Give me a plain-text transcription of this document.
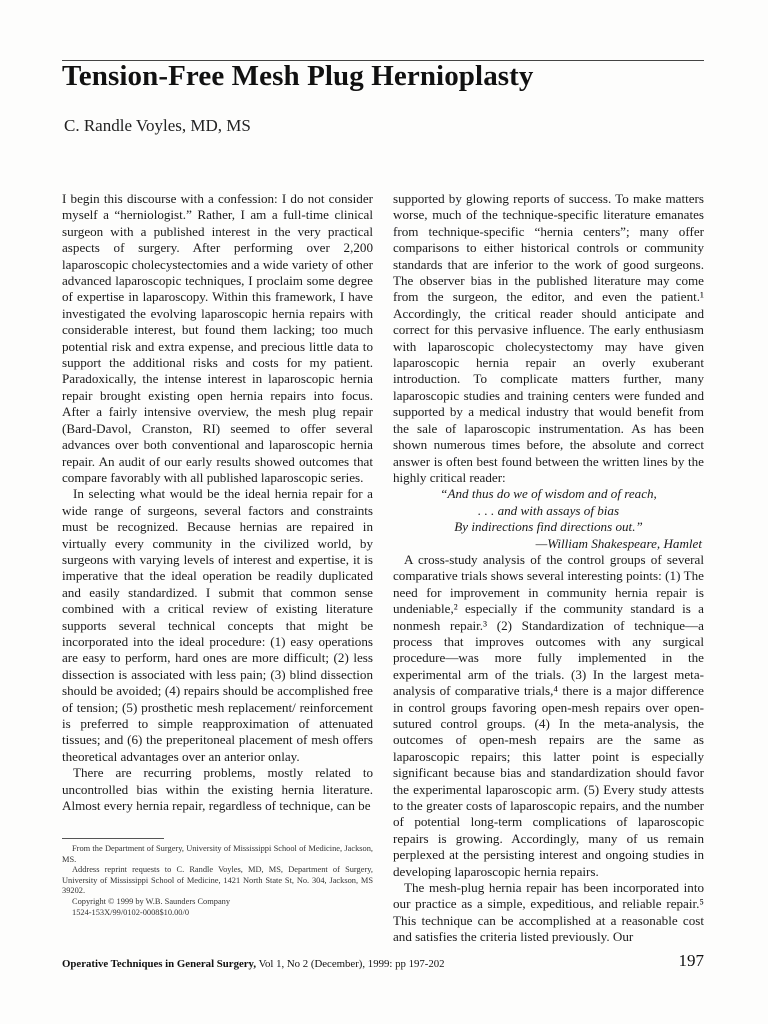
Tension-Free Mesh Plug Hernioplasty

C. Randle Voyles, MD, MS

I begin this discourse with a confession: I do not consider myself a “herniologist.” Rather, I am a full-time clinical surgeon with a published interest in the very practical aspects of surgery. After performing over 2,200 laparoscopic cholecystectomies and a wide variety of other advanced laparoscopic techniques, I proclaim some degree of expertise in laparoscopy. Within this framework, I have investigated the evolving laparoscopic hernia repairs with considerable interest, but found them lacking; too much potential risk and extra expense, and precious little data to support the additional risks and costs for my patient. Paradoxically, the intense interest in laparoscopic hernia repair brought existing open hernia repairs into focus. After a fairly intensive overview, the mesh plug repair (Bard-Davol, Cranston, RI) seemed to offer several advances over both conventional and laparoscopic hernia repair. An audit of our early results showed outcomes that compare favorably with all published laparoscopic series.

In selecting what would be the ideal hernia repair for a wide range of surgeons, several factors and constraints must be recognized. Because hernias are repaired in virtually every community in the civilized world, by surgeons with varying levels of interest and expertise, it is imperative that the ideal operation be readily duplicated and easily standardized. I submit that common sense combined with a critical review of existing literature supports several technical concepts that might be incorporated into the ideal procedure: (1) easy operations are easy to perform, hard ones are more difficult; (2) less dissection is associated with less pain; (3) blind dissection should be avoided; (4) repairs should be accomplished free of tension; (5) prosthetic mesh replacement/ reinforcement is preferred to simple reapproximation of attenuated tissues; and (6) the preperitoneal placement of mesh offers theoretical advantages over an anterior onlay.

There are recurring problems, mostly related to uncontrolled bias within the existing hernia literature. Almost every hernia repair, regardless of technique, can be

supported by glowing reports of success. To make matters worse, much of the technique-specific literature emanates from technique-specific “hernia centers”; many offer comparisons to either historical controls or community standards that are inferior to the work of good surgeons. The observer bias in the published literature may come from the surgeon, the editor, and even the patient.¹ Accordingly, the critical reader should anticipate and correct for this pervasive influence. The early enthusiasm with laparoscopic cholecystectomy may have given laparoscopic hernia repair an overly exuberant introduction. To complicate matters further, many laparoscopic studies and training centers were funded and supported by a medical industry that would benefit from the sale of laparoscopic instrumentation. As has been shown numerous times before, the absolute and correct answer is often best found between the written lines by the highly critical reader:

“And thus do we of wisdom and of reach,
. . . and with assays of bias
By indirections find directions out.”
—William Shakespeare, Hamlet

A cross-study analysis of the control groups of several comparative trials shows several interesting points: (1) The need for improvement in community hernia repair is undeniable,² especially if the community standard is a nonmesh repair.³ (2) Standardization of technique—a process that improves outcomes with any surgical procedure—was more fully implemented in the experimental arm of the trials. (3) In the largest meta-analysis of comparative trials,⁴ there is a major difference in control groups favoring open-mesh repairs over open-sutured control groups. (4) In the meta-analysis, the outcomes of open-mesh repairs are the same as laparoscopic repairs; this latter point is especially significant because bias and standardization should favor the experimental laparoscopic arm. (5) Every study attests to the greater costs of laparoscopic repairs, and the number of potential long-term complications of laparoscopic repairs is growing. Accordingly, many of us remain perplexed at the persisting interest and ongoing studies in developing laparoscopic hernia repairs.

The mesh-plug hernia repair has been incorporated into our practice as a simple, expeditious, and reliable repair.⁵ This technique can be accomplished at a reasonable cost and satisfies the criteria listed previously. Our

From the Department of Surgery, University of Mississippi School of Medicine, Jackson, MS.

Address reprint requests to C. Randle Voyles, MD, MS, Department of Surgery, University of Mississippi School of Medicine, 1421 North State St, No. 304, Jackson, MS 39202.

Copyright © 1999 by W.B. Saunders Company

1524-153X/99/0102-0008$10.00/0

Operative Techniques in General Surgery, Vol 1, No 2 (December), 1999: pp 197-202	197
